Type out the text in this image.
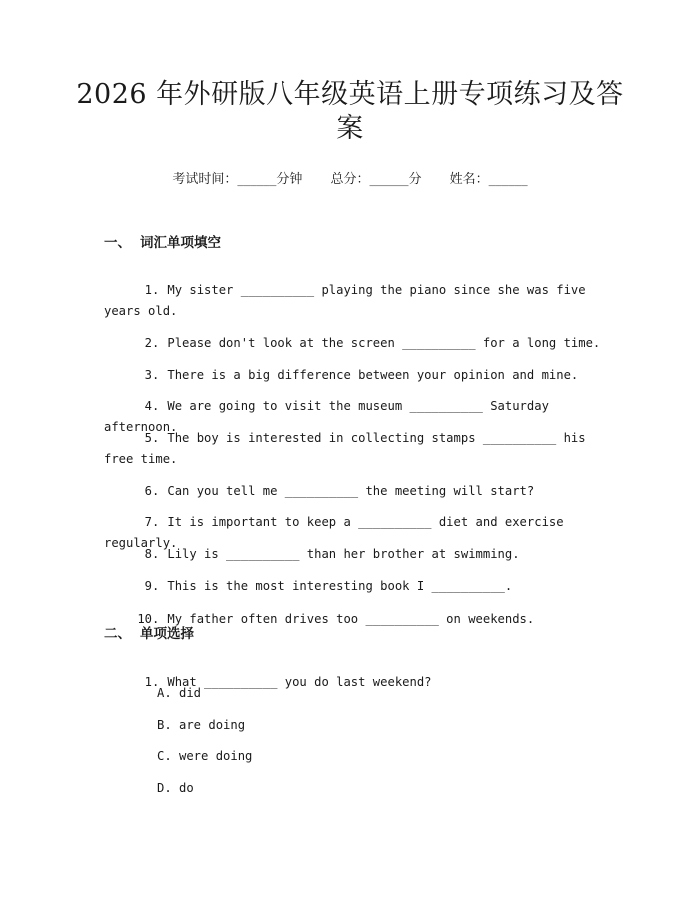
2026 年外研版八年级英语上册专项练习及答
案
考试时间：______分钟 总分：______分 姓名：______
一、 词汇单项填空

1. My sister __________ playing the piano since she was five years old.

2. Please don't look at the screen __________ for a long time.

3. There is a big difference between your opinion and mine.

4. We are going to visit the museum __________ Saturday afternoon.

5. The boy is interested in collecting stamps __________ his free time.

6. Can you tell me __________ the meeting will start?

7. It is important to keep a __________ diet and exercise regularly.

8. Lily is __________ than her brother at swimming.

9. This is the most interesting book I __________.

10. My father often drives too __________ on weekends.

二、 单项选择

1. What __________ you do last weekend?

A. did
B. are doing
C. were doing
D. do
